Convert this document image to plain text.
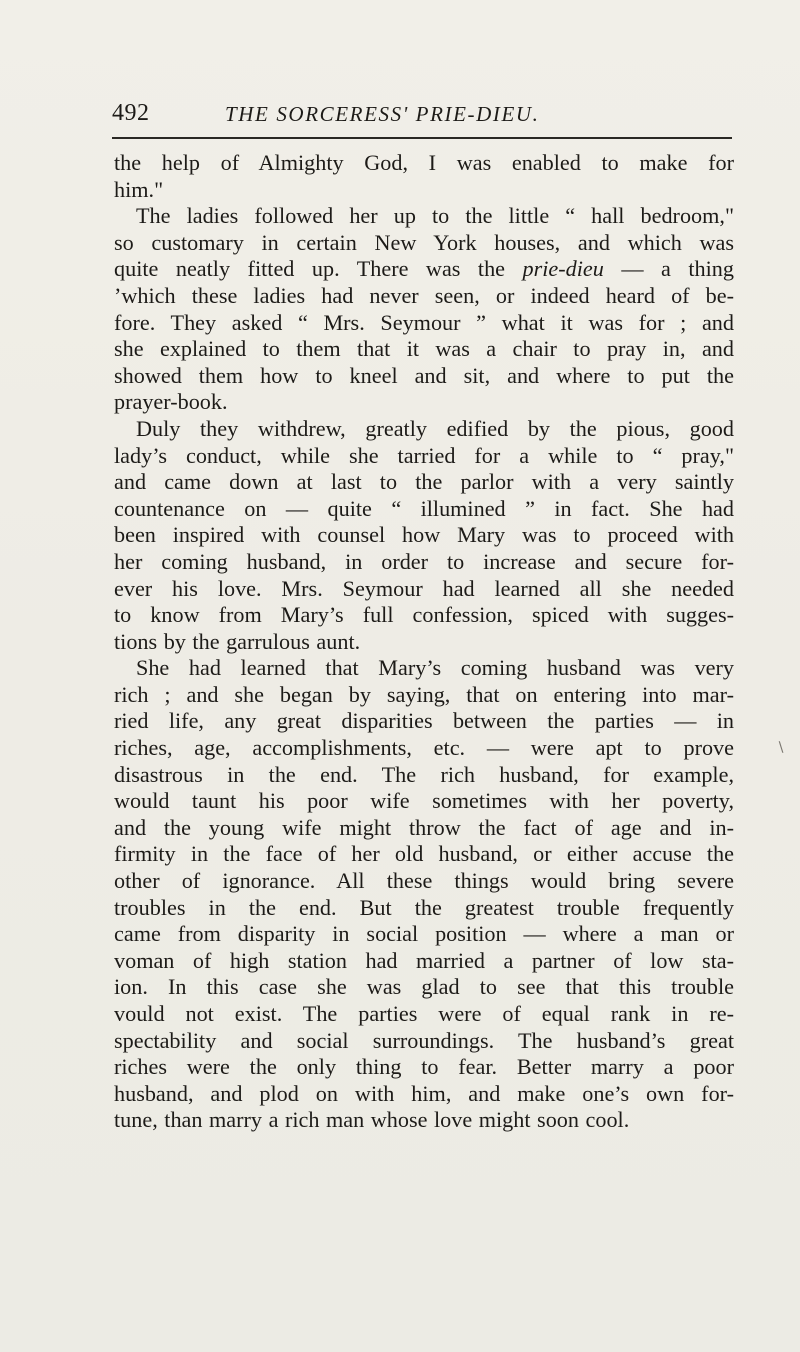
492	THE SORCERESS' PRIE-DIEU.
the help of Almighty God, I was enabled to make for
him."
The ladies followed her up to the little “ hall bedroom,"
so customary in certain New York houses, and which was
quite neatly fitted up. There was the prie-dieu — a thing
’which these ladies had never seen, or indeed heard of be-
fore. They asked “ Mrs. Seymour ” what it was for ; and
she explained to them that it was a chair to pray in, and
showed them how to kneel and sit, and where to put the
prayer-book.
Duly they withdrew, greatly edified by the pious, good
lady’s conduct, while she tarried for a while to “ pray,"
and came down at last to the parlor with a very saintly
countenance on — quite “ illumined ” in fact. She had
been inspired with counsel how Mary was to proceed with
her coming husband, in order to increase and secure for-
ever his love. Mrs. Seymour had learned all she needed
to know from Mary’s full confession, spiced with sugges-
tions by the garrulous aunt.
She had learned that Mary’s coming husband was very
rich ; and she began by saying, that on entering into mar-
ried life, any great disparities between the parties — in
riches, age, accomplishments, etc. — were apt to prove
disastrous in the end. The rich husband, for example,
would taunt his poor wife sometimes with her poverty,
and the young wife might throw the fact of age and in-
firmity in the face of her old husband, or either accuse the
other of ignorance. All these things would bring severe
troubles in the end. But the greatest trouble frequently
came from disparity in social position — where a man or
voman of high station had married a partner of low sta-
ion. In this case she was glad to see that this trouble
vould not exist. The parties were of equal rank in re-
spectability and social surroundings. The husband’s great
riches were the only thing to fear. Better marry a poor
husband, and plod on with him, and make one’s own for-
tune, than marry a rich man whose love might soon cool.
∖
